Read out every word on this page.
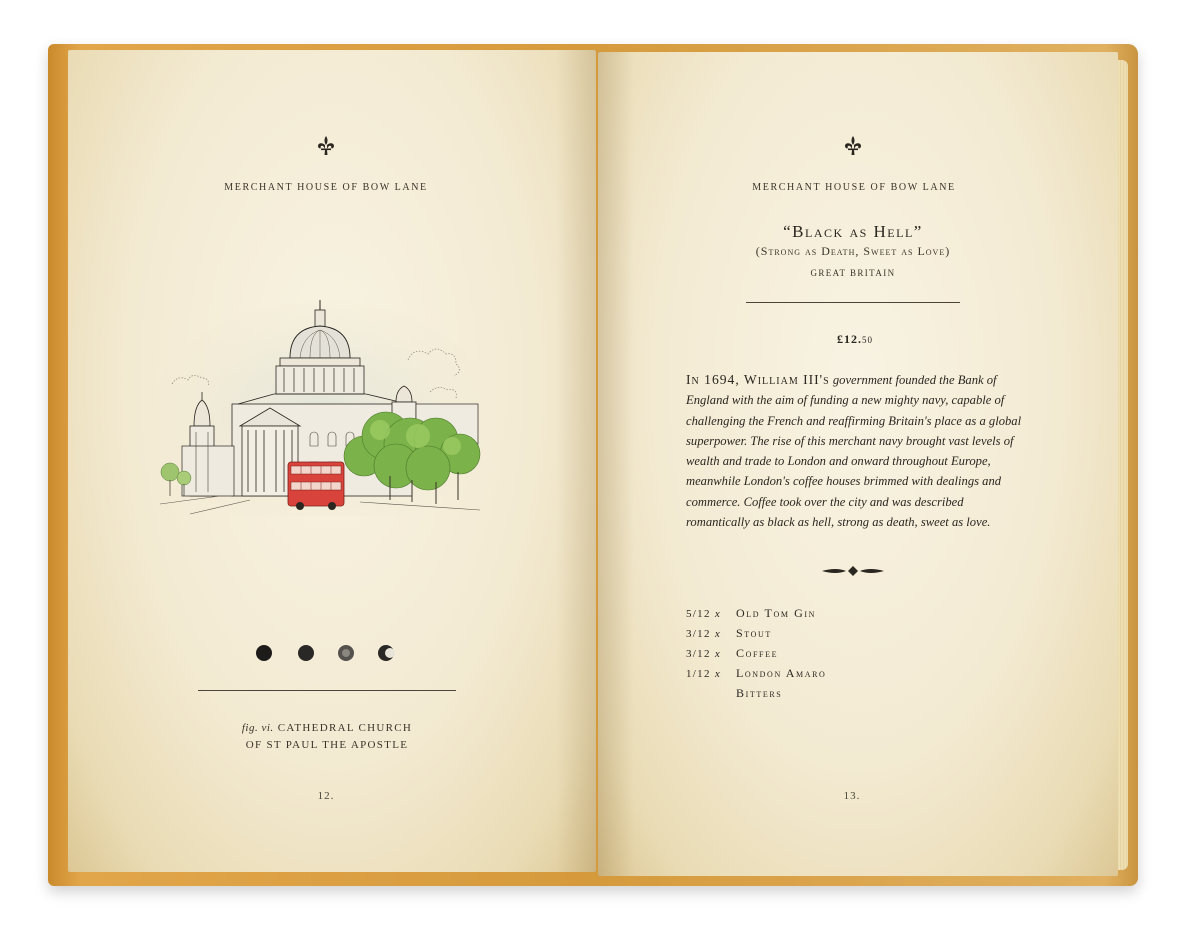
MERCHANT HOUSE OF BOW LANE
fig. vi. CATHEDRAL CHURCH
OF ST PAUL THE APOSTLE
12.
MERCHANT HOUSE OF BOW LANE
“Black as Hell”
(Strong as Death, Sweet as Love)
GREAT BRITAIN
£12.50
In 1694, William III's government founded the Bank of England with the aim of funding a new mighty navy, capable of challenging the French and reaffirming Britain's place as a global superpower. The rise of this merchant navy brought vast levels of wealth and trade to London and onward throughout Europe, meanwhile London's coffee houses brimmed with dealings and commerce. Coffee took over the city and was described romantically as black as hell, strong as death, sweet as love.
5/12 x	Old Tom Gin
3/12 x	Stout
3/12 x	Coffee
1/12 x	London Amaro
Bitters
13.
